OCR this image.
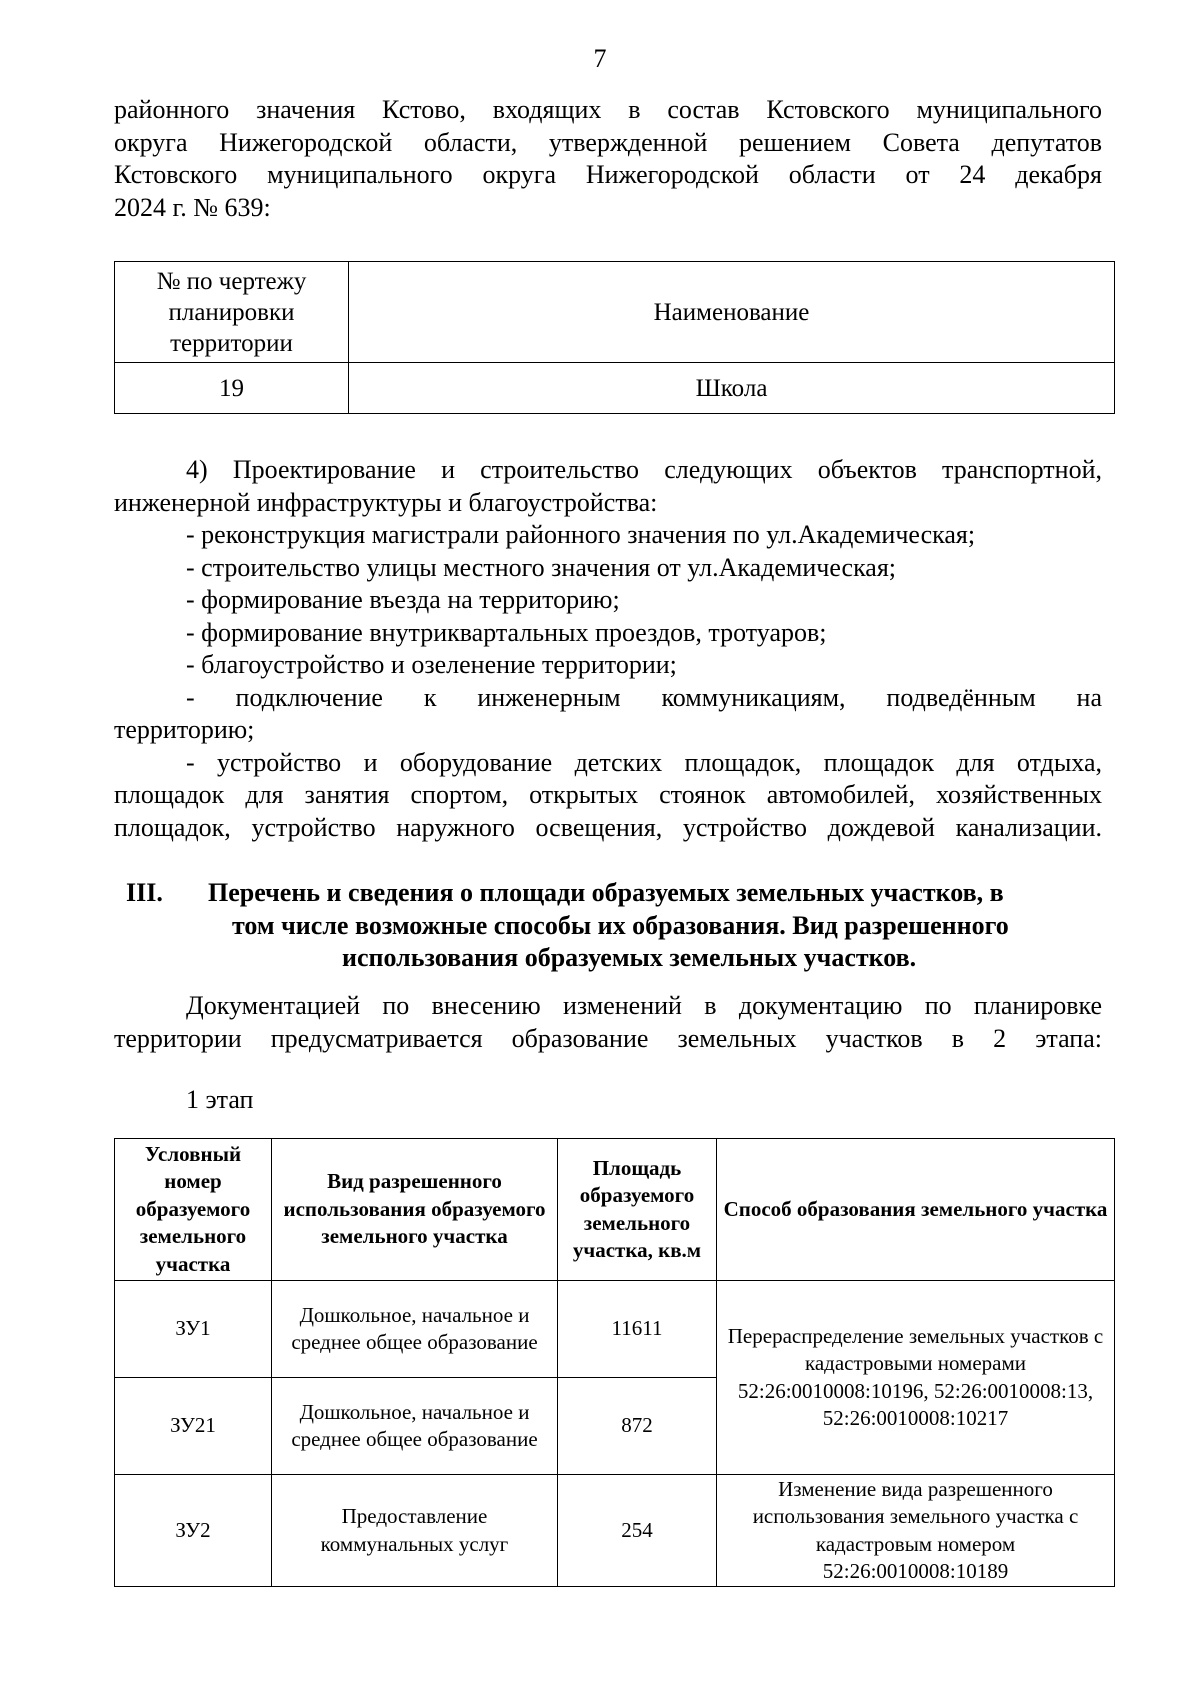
7
районного значения Кстово, входящих в состав Кстовского муниципального
округа Нижегородской области, утвержденной решением Совета депутатов
Кстовского муниципального округа Нижегородской области от 24 декабря
2024 г. № 639:
№ по чертежу планировки территории	Наименование
19	Школа
4) Проектирование и строительство следующих объектов транспортной,
инженерной инфраструктуры и благоустройства:
- реконструкция магистрали районного значения по ул.Академическая;
- строительство улицы местного значения от ул.Академическая;
- формирование въезда на территорию;
- формирование внутриквартальных проездов, тротуаров;
- благоустройство и озеленение территории;
- подключение к инженерным коммуникациям, подведённым на
территорию;
- устройство и оборудование детских площадок, площадок для отдыха,
площадок для занятия спортом, открытых стоянок автомобилей, хозяйственных
площадок, устройство наружного освещения, устройство дождевой канализации.
III. Перечень и сведения о площади образуемых земельных участков, в
том числе возможные способы их образования. Вид разрешенного
использования образуемых земельных участков.
Документацией по внесению изменений в документацию по планировке
территории предусматривается образование земельных участков в 2 этапа:
1 этап
Условный номер образуемого земельного участка	Вид разрешенного использования образуемого земельного участка	Площадь образуемого земельного участка, кв.м	Способ образования земельного участка
ЗУ1	Дошкольное, начальное и среднее общее образование	11611	Перераспределение земельных участков с кадастровыми номерами 52:26:0010008:10196, 52:26:0010008:13, 52:26:0010008:10217
ЗУ21	Дошкольное, начальное и среднее общее образование	872	
ЗУ2	Предоставление коммунальных услуг	254	Изменение вида разрешенного использования земельного участка с кадастровым номером 52:26:0010008:10189
